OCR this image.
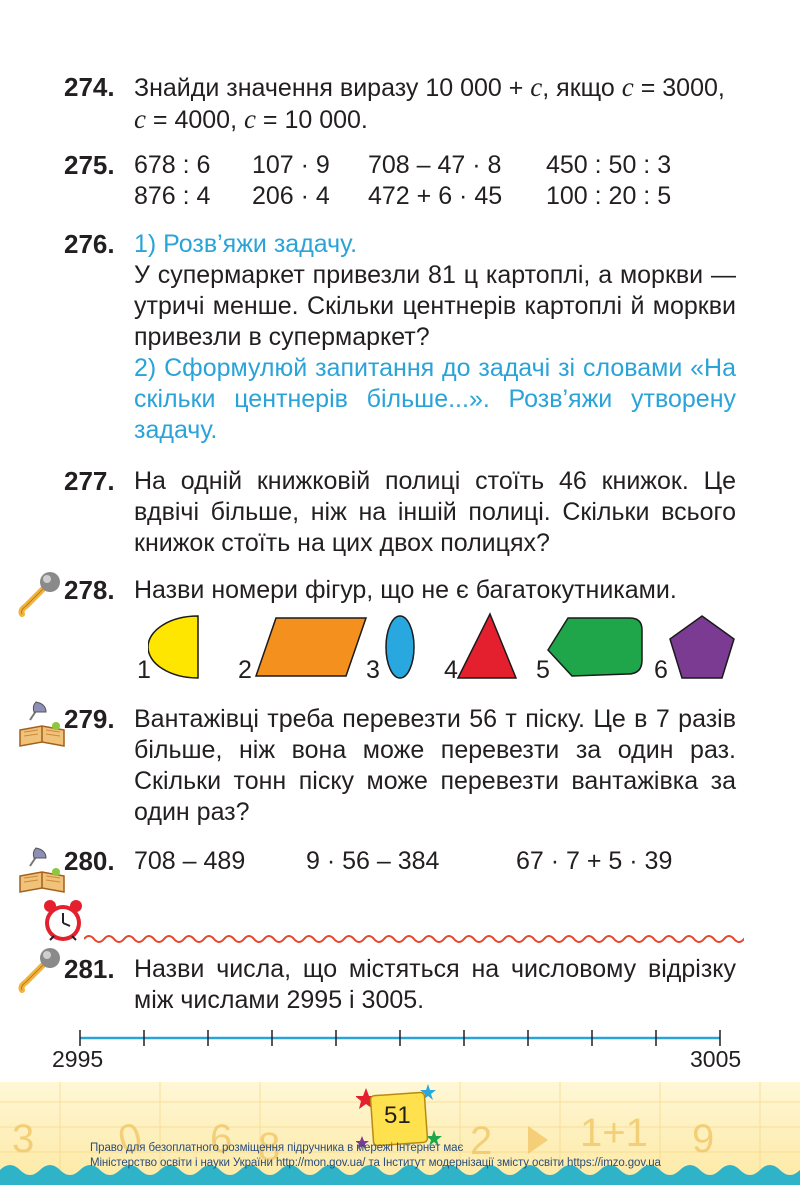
274. Знайди значення виразу 10 000 + c, якщо c = 3000,
c = 4000, c = 10 000.
275. 678 : 6	107 · 9	708 – 47 · 8	450 : 50 : 3
876 : 4	206 · 4	472 + 6 · 45	100 : 20 : 5
276. 1) Розв’яжи задачу.
У супермаркет привезли 81 ц картоплі, а моркви — утричі менше. Скільки центнерів картоплі й моркви привезли в супермаркет?
2) Сформулюй запитання до задачі зі словами «На скільки центнерів більше...». Розв’яжи утворену задачу.
277. На одній книжковій полиці стоїть 46 книжок. Це вдвічі більше, ніж на іншій полиці. Скільки всього книжок стоїть на цих двох полицях?
278. Назви номери фігур, що не є багатокутниками.
1	2	3	4	5	6
279. Вантажівці треба перевезти 56 т піску. Це в 7 разів більше, ніж вона може перевезти за один раз. Скільки тонн піску може перевезти вантажівка за один раз?
280. 708 – 489 9 · 56 – 384	67 · 7 + 5 · 39
281. Назви числа, що містяться на числовому відрізку між числами 2995 і 3005.
2995	3005
3 0 6 8	2 1+1 9
51
Право для безоплатного розміщення підручника в мережі Інтернет має
Міністерство освіти і науки України http://mon.gov.ua/ та Інститут модернізації змісту освіти https://imzo.gov.ua
